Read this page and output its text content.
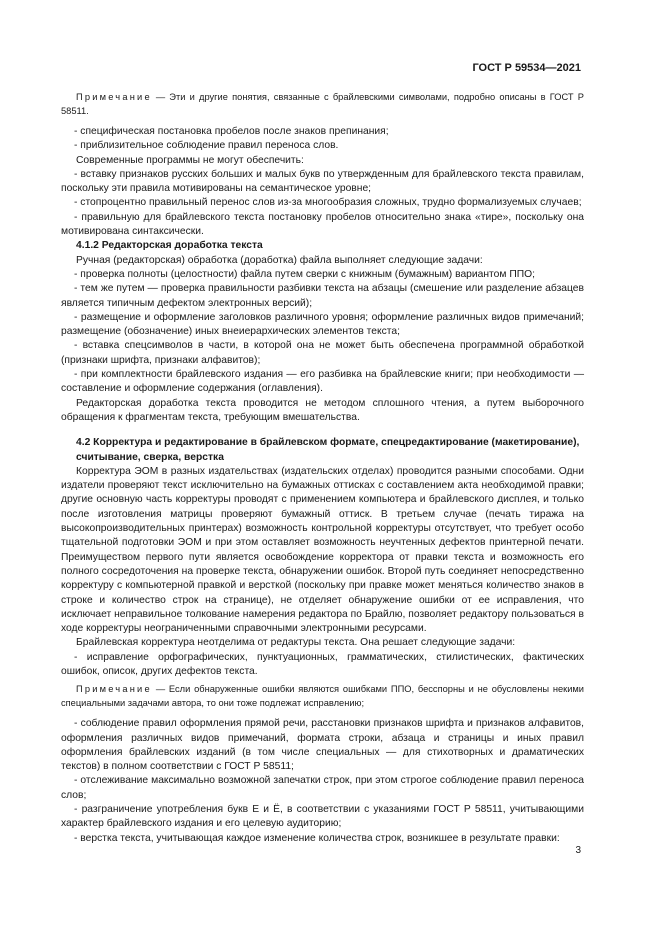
ГОСТ Р 59534—2021

Примечание — Эти и другие понятия, связанные с брайлевскими символами, подробно описаны в ГОСТ Р 58511.

- специфическая постановка пробелов после знаков препинания;

- приблизительное соблюдение правил переноса слов.

Современные программы не могут обеспечить:

- вставку признаков русских больших и малых букв по утвержденным для брайлевского текста правилам, поскольку эти правила мотивированы на семантическое уровне;

- стопроцентно правильный перенос слов из-за многообразия сложных, трудно формализуемых случаев;

- правильную для брайлевского текста постановку пробелов относительно знака «тире», поскольку она мотивирована синтаксически.

4.1.2 Редакторская доработка текста

Ручная (редакторская) обработка (доработка) файла выполняет следующие задачи:

- проверка полноты (целостности) файла путем сверки с книжным (бумажным) вариантом ППО;

- тем же путем — проверка правильности разбивки текста на абзацы (смешение или разделение абзацев является типичным дефектом электронных версий);

- размещение и оформление заголовков различного уровня; оформление различных видов примечаний; размещение (обозначение) иных внеиерархических элементов текста;

- вставка спецсимволов в части, в которой она не может быть обеспечена программной обработкой (признаки шрифта, признаки алфавитов);

- при комплектности брайлевского издания — его разбивка на брайлевские книги; при необходимости — составление и оформление содержания (оглавления).

Редакторская доработка текста проводится не методом сплошного чтения, а путем выборочного обращения к фрагментам текста, требующим вмешательства.

4.2 Корректура и редактирование в брайлевском формате, спецредактирование (макетирование), считывание, сверка, верстка

Корректура ЭОМ в разных издательствах (издательских отделах) проводится разными способами. Одни издатели проверяют текст исключительно на бумажных оттисках с составлением акта необходимой правки; другие основную часть корректуры проводят с применением компьютера и брайлевского дисплея, и только после изготовления матрицы проверяют бумажный оттиск. В третьем случае (печать тиража на высокопроизводительных принтерах) возможность контрольной корректуры отсутствует, что требует особо тщательной подготовки ЭОМ и при этом оставляет возможность неучтенных дефектов принтерной печати. Преимуществом первого пути является освобождение корректора от правки текста и возможность его полного сосредоточения на проверке текста, обнаружении ошибок. Второй путь соединяет непосредственно корректуру с компьютерной правкой и версткой (поскольку при правке может меняться количество знаков в строке и количество строк на странице), не отделяет обнаружение ошибки от ее исправления, что исключает неправильное толкование намерения редактора по Брайлю, позволяет редактору пользоваться в ходе корректуры неограниченными справочными электронными ресурсами.

Брайлевская корректура неотделима от редактуры текста. Она решает следующие задачи:

- исправление орфографических, пунктуационных, грамматических, стилистических, фактических ошибок, описок, других дефектов текста.

Примечание — Если обнаруженные ошибки являются ошибками ППО, бесспорны и не обусловлены некими специальными задачами автора, то они тоже подлежат исправлению;

- соблюдение правил оформления прямой речи, расстановки признаков шрифта и признаков алфавитов, оформления различных видов примечаний, формата строки, абзаца и страницы и иных правил оформления брайлевских изданий (в том числе специальных — для стихотворных и драматических текстов) в полном соответствии с ГОСТ Р 58511;

- отслеживание максимально возможной запечатки строк, при этом строгое соблюдение правил переноса слов;

- разграничение употребления букв Е и Ё, в соответствии с указаниями ГОСТ Р 58511, учитывающими характер брайлевского издания и его целевую аудиторию;

- верстка текста, учитывающая каждое изменение количества строк, возникшее в результате правки:

3
